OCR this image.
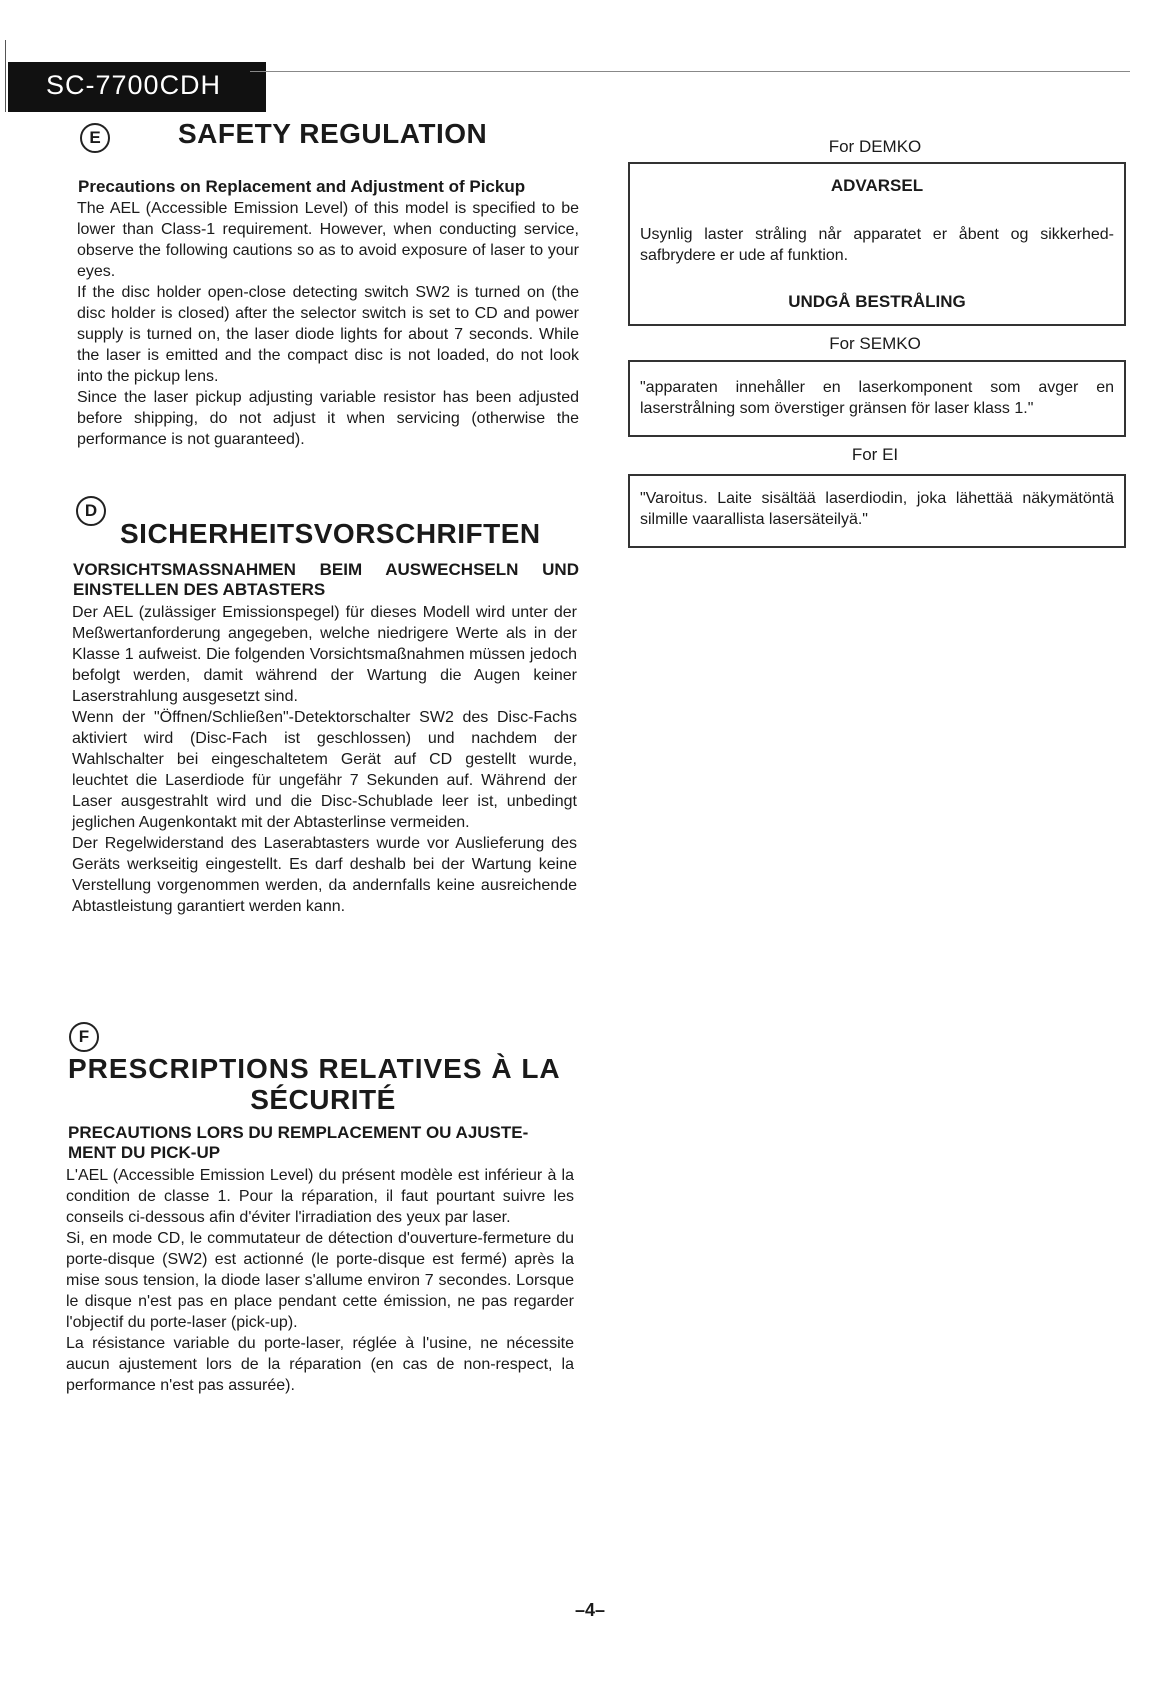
SC-7700CDH
E	SAFETY REGULATION
Precautions on Replacement and Adjustment of Pickup

The AEL (Accessible Emission Level) of this model is specified to be lower than Class-1 requirement. However, when conducting service, observe the following cautions so as to avoid exposure of laser to your eyes.

If the disc holder open-close detecting switch SW2 is turned on (the disc holder is closed) after the selector switch is set to CD and power supply is turned on, the laser diode lights for about 7 seconds. While the laser is emitted and the compact disc is not loaded, do not look into the pickup lens.

Since the laser pickup adjusting variable resistor has been adjusted before shipping, do not adjust it when servicing (otherwise the performance is not guaranteed).

D
SICHERHEITSVORSCHRIFTEN
VORSICHTSMASSNAHMEN BEIM AUSWECHSELN UND EINSTELLEN DES ABTASTERS

Der AEL (zulässiger Emissionspegel) für dieses Modell wird unter der Meßwertanforderung angegeben, welche niedrigere Werte als in der Klasse 1 aufweist. Die folgenden Vorsichtsmaßnahmen müssen jedoch befolgt werden, damit während der Wartung die Augen keiner Laserstrahlung ausgesetzt sind.

Wenn der "Öffnen/Schließen"-Detektorschalter SW2 des Disc-Fachs aktiviert wird (Disc-Fach ist geschlossen) und nachdem der Wahlschalter bei eingeschaltetem Gerät auf CD gestellt wurde, leuchtet die Laserdiode für ungefähr 7 Sekunden auf. Während der Laser ausgestrahlt wird und die Disc-Schublade leer ist, unbedingt jeglichen Augenkontakt mit der Abtasterlinse vermeiden.

Der Regelwiderstand des Laserabtasters wurde vor Auslieferung des Geräts werkseitig eingestellt. Es darf deshalb bei der Wartung keine Verstellung vorgenommen werden, da andernfalls keine ausreichende Abtastleistung garantiert werden kann.

F
PRESCRIPTIONS RELATIVES À LA
SÉCURITÉ
PRECAUTIONS LORS DU REMPLACEMENT OU AJUSTE-MENT DU PICK-UP

L'AEL (Accessible Emission Level) du présent modèle est inférieur à la condition de classe 1. Pour la réparation, il faut pourtant suivre les conseils ci-dessous afin d'éviter l'irradiation des yeux par laser.

Si, en mode CD, le commutateur de détection d'ouverture-fermeture du porte-disque (SW2) est actionné (le porte-disque est fermé) après la mise sous tension, la diode laser s'allume environ 7 secondes. Lorsque le disque n'est pas en place pendant cette émission, ne pas regarder l'objectif du porte-laser (pick-up).

La résistance variable du porte-laser, réglée à l'usine, ne nécessite aucun ajustement lors de la réparation (en cas de non-respect, la performance n'est pas assurée).

For DEMKO
ADVARSEL
Usynlig laster stråling når apparatet er åbent og sikkerhed-safbrydere er ude af funktion.
UNDGÅ BESTRÅLING
For SEMKO
"apparaten innehåller en laserkomponent som avger en laserstrålning som överstiger gränsen för laser klass 1."
For EI
"Varoitus. Laite sisältää laserdiodin, joka lähettää näkymätöntä silmille vaarallista lasersäteilyä."
–4–
